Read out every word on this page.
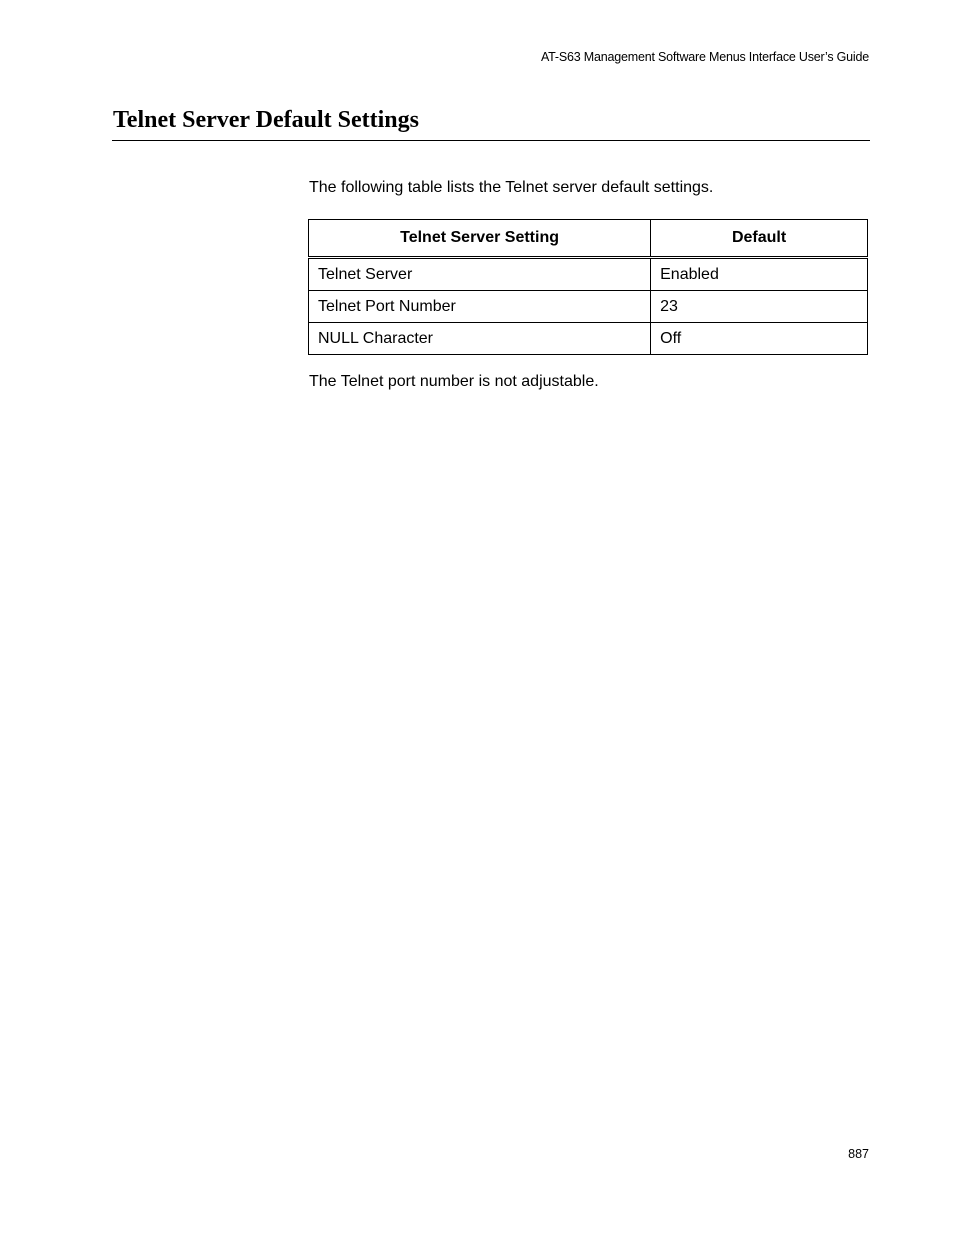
AT-S63 Management Software Menus Interface User’s Guide
Telnet Server Default Settings

The following table lists the Telnet server default settings.

Telnet Server Setting	Default
Telnet Server	Enabled
Telnet Port Number	23
NULL Character	Off

The Telnet port number is not adjustable.

887
